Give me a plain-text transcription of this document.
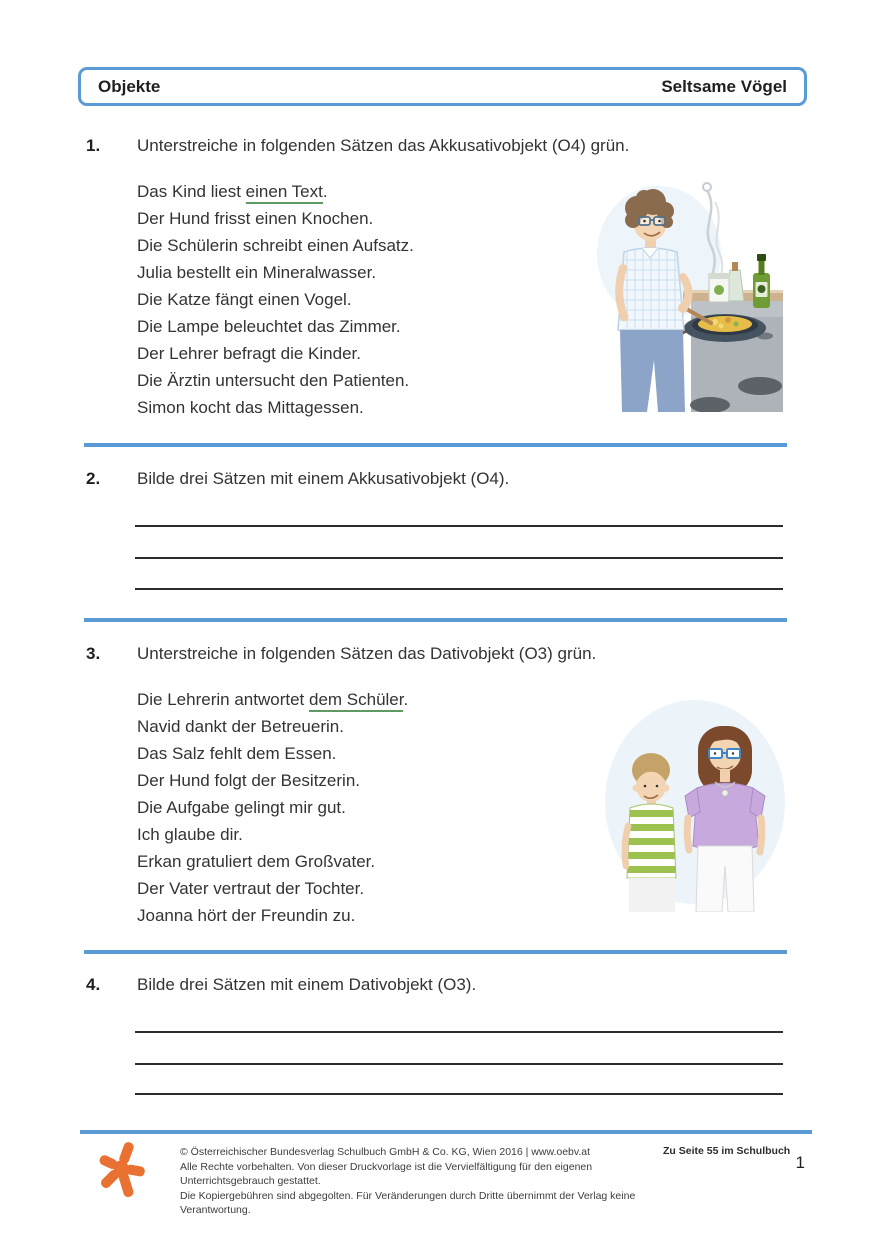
Objekte	Seltsame Vögel
1. Unterstreiche in folgenden Sätzen das Akkusativobjekt (O4) grün.
Das Kind liest einen Text.
Der Hund frisst einen Knochen.
Die Schülerin schreibt einen Aufsatz.
Julia bestellt ein Mineralwasser.
Die Katze fängt einen Vogel.
Die Lampe beleuchtet das Zimmer.
Der Lehrer befragt die Kinder.
Die Ärztin untersucht den Patienten.
Simon kocht das Mittagessen.
2. Bilde drei Sätzen mit einem Akkusativobjekt (O4).
3. Unterstreiche in folgenden Sätzen das Dativobjekt (O3) grün.
Die Lehrerin antwortet dem Schüler.
Navid dankt der Betreuerin.
Das Salz fehlt dem Essen.
Der Hund folgt der Besitzerin.
Die Aufgabe gelingt mir gut.
Ich glaube dir.
Erkan gratuliert dem Großvater.
Der Vater vertraut der Tochter.
Joanna hört der Freundin zu.
4. Bilde drei Sätzen mit einem Dativobjekt (O3).
© Österreichischer Bundesverlag Schulbuch GmbH & Co. KG, Wien 2016 | www.oebv.at
Alle Rechte vorbehalten. Von dieser Druckvorlage ist die Vervielfältigung für den eigenen Unterrichtsgebrauch gestattet.
Die Kopiergebühren sind abgegolten. Für Veränderungen durch Dritte übernimmt der Verlag keine Verantwortung.
Zu Seite 55 im Schulbuch
1
